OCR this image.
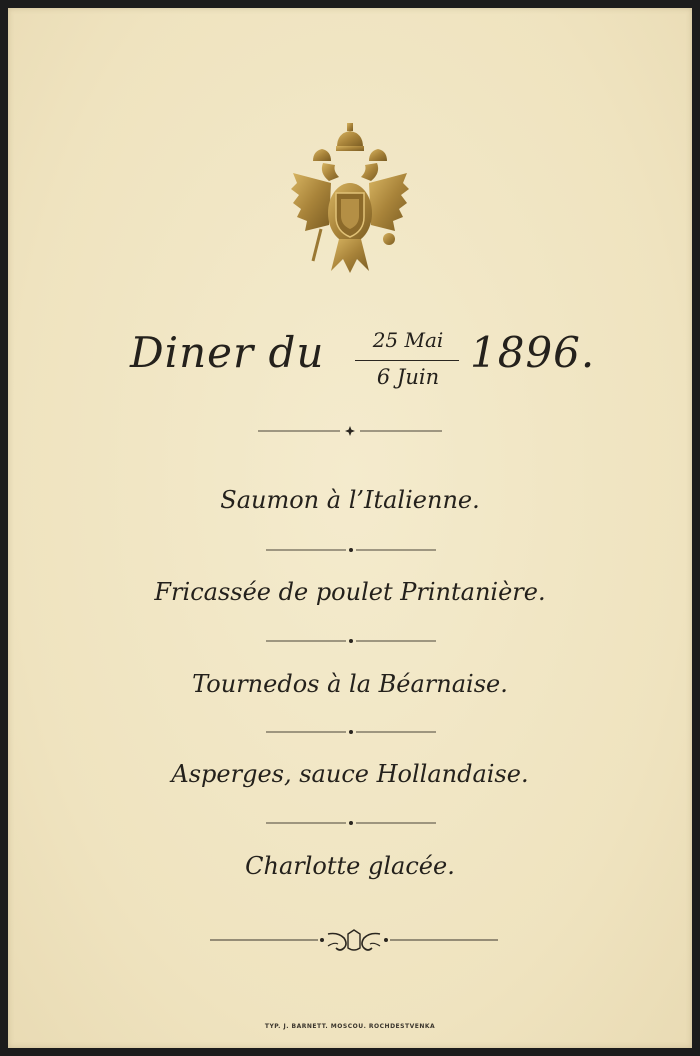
Diner du	25 Mai
6 Juin 1896.
Saumon à l’Italienne.
Fricassée de poulet Printanière.
Tournedos à la Béarnaise.
Asperges, sauce Hollandaise.
Charlotte glacée.
TYP. J. BARNETT. MOSCOU. ROCHDESTVENKA
